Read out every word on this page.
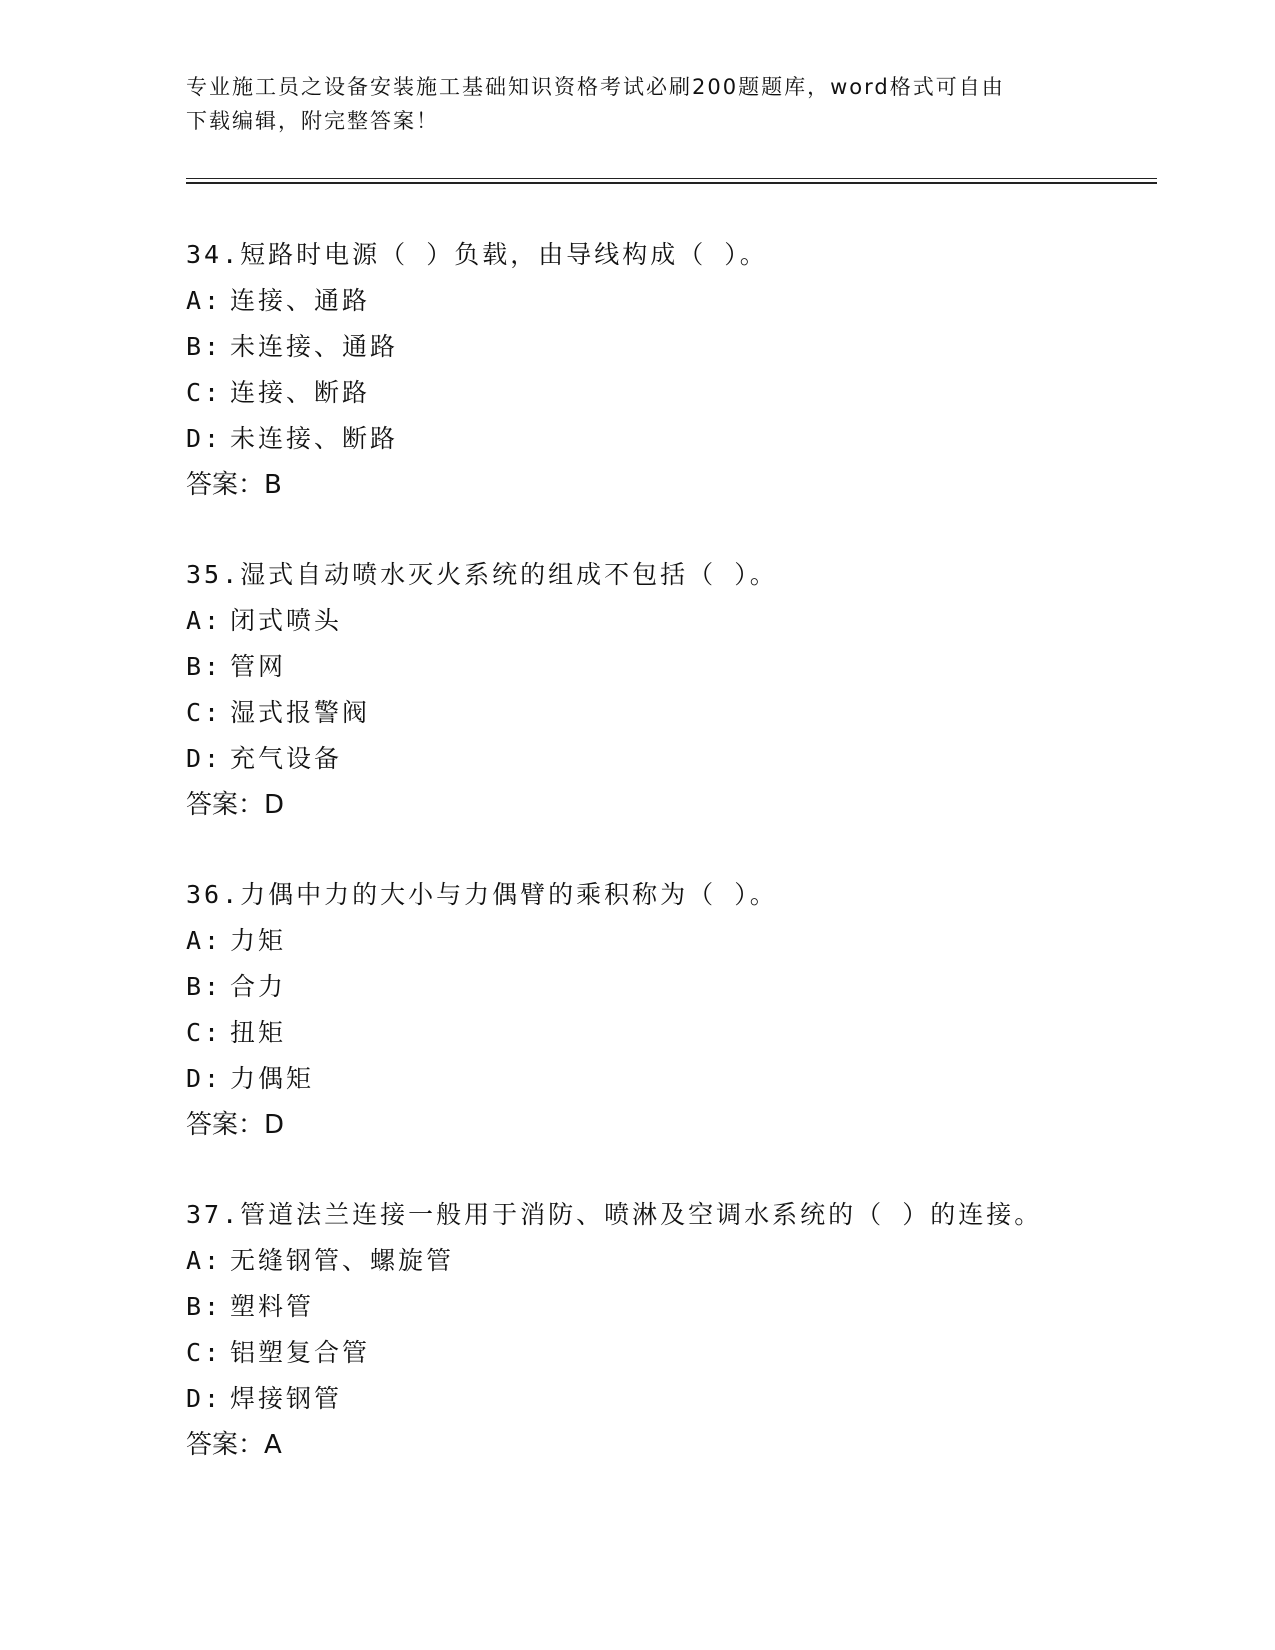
专业施工员之设备安装施工基础知识资格考试必刷200题题库，word格式可自由
下载编辑，附完整答案！
34.短路时电源（ ）负载，由导线构成（ ）。
A: 连接、通路
B: 未连接、通路
C: 连接、断路
D: 未连接、断路
答案：B
35.湿式自动喷水灭火系统的组成不包括（ ）。
A: 闭式喷头
B: 管网
C: 湿式报警阀
D: 充气设备
答案：D
36.力偶中力的大小与力偶臂的乘积称为（ ）。
A: 力矩
B: 合力
C: 扭矩
D: 力偶矩
答案：D
37.管道法兰连接一般用于消防、喷淋及空调水系统的（ ）的连接。
A: 无缝钢管、螺旋管
B: 塑料管
C: 铝塑复合管
D: 焊接钢管
答案：A
